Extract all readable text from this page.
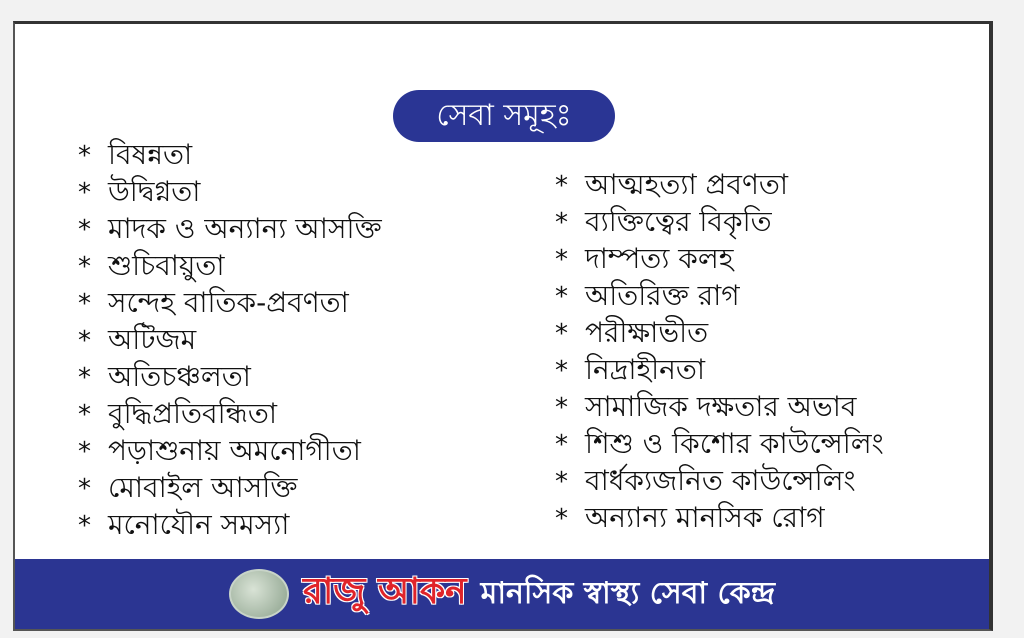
সেবা সমূহঃ
* বিষন্নতা
* উদ্বিগ্নতা
* মাদক ও অন্যান্য আসক্তি
* শুচিবায়ুতা
* সন্দেহ বাতিক-প্রবণতা
* অটিজম
* অতিচঞ্চলতা
* বুদ্ধিপ্রতিবন্ধিতা
* পড়াশুনায় অমনোগীতা
* মোবাইল আসক্তি
* মনোযৌন সমস্যা
* আত্মহত্যা প্রবণতা
* ব্যক্তিত্বের বিকৃতি
* দাম্পত্য কলহ
* অতিরিক্ত রাগ
* পরীক্ষাভীত
* নিদ্রাহীনতা
* সামাজিক দক্ষতার অভাব
* শিশু ও কিশোর কাউন্সেলিং
* বার্ধক্যজনিত কাউন্সেলিং
* অন্যান্য মানসিক রোগ
রাজু আকন মানসিক স্বাস্থ্য সেবা কেন্দ্র
